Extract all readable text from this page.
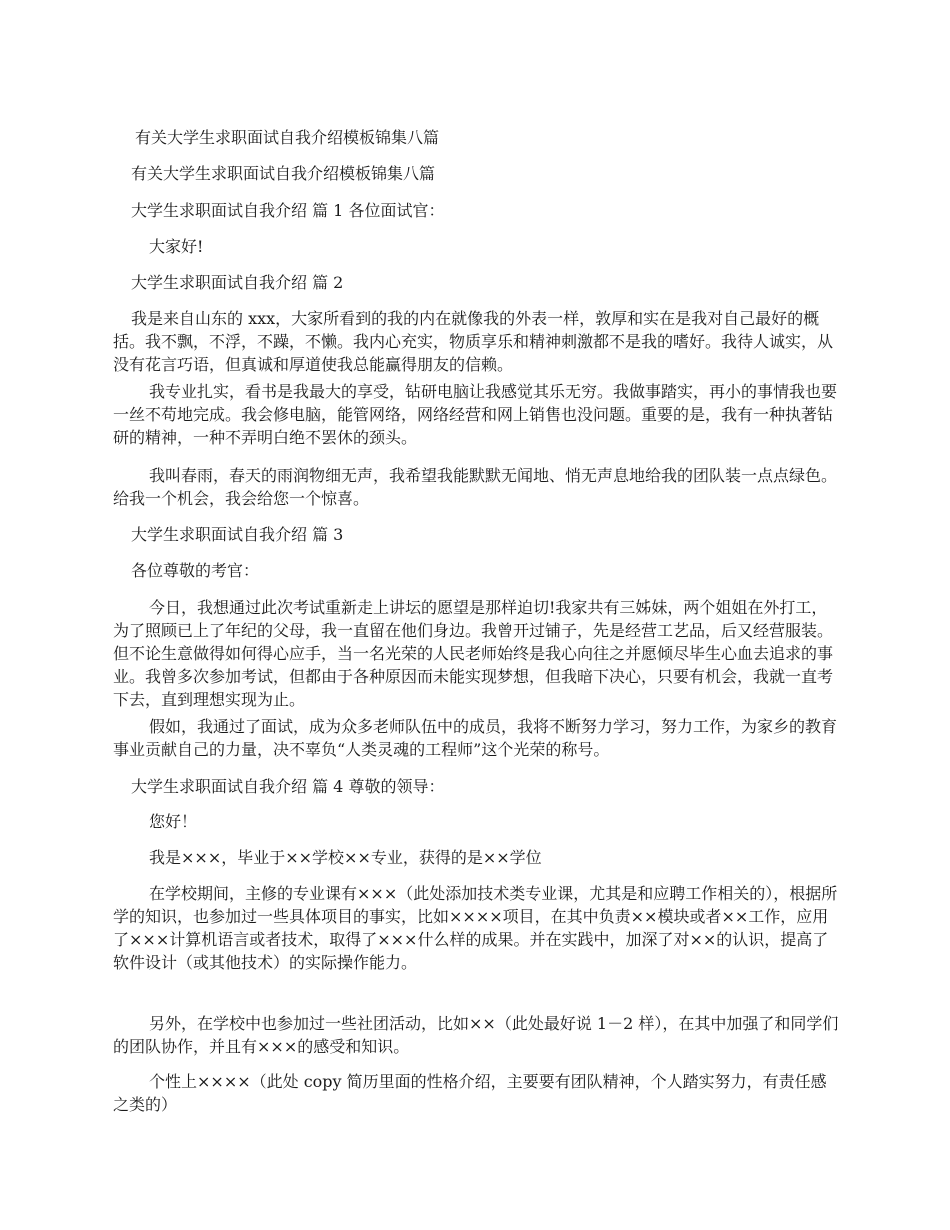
有关大学生求职面试自我介绍模板锦集八篇
有关大学生求职面试自我介绍模板锦集八篇
大学生求职面试自我介绍 篇 1 各位面试官：
大家好!
大学生求职面试自我介绍 篇 2
我是来自山东的 xxx，大家所看到的我的内在就像我的外表一样，敦厚和实在是我对自己最好的概括。我不飘，不浮，不躁，不懒。我内心充实，物质享乐和精神刺激都不是我的嗜好。我待人诚实，从没有花言巧语，但真诚和厚道使我总能赢得朋友的信赖。
我专业扎实，看书是我最大的享受，钻研电脑让我感觉其乐无穷。我做事踏实，再小的事情我也要一丝不苟地完成。我会修电脑，能管网络，网络经营和网上销售也没问题。重要的是，我有一种执著钻研的精神，一种不弄明白绝不罢休的颈头。
我叫春雨，春天的雨润物细无声，我希望我能默默无闻地、悄无声息地给我的团队装一点点绿色。给我一个机会，我会给您一个惊喜。
大学生求职面试自我介绍 篇 3
各位尊敬的考官：
今日，我想通过此次考试重新走上讲坛的愿望是那样迫切!我家共有三姊妹，两个姐姐在外打工，为了照顾已上了年纪的父母，我一直留在他们身边。我曾开过铺子，先是经营工艺品，后又经营服装。但不论生意做得如何得心应手，当一名光荣的人民老师始终是我心向往之并愿倾尽毕生心血去追求的事业。我曾多次参加考试，但都由于各种原因而未能实现梦想，但我暗下决心，只要有机会，我就一直考下去，直到理想实现为止。
假如，我通过了面试，成为众多老师队伍中的成员，我将不断努力学习，努力工作，为家乡的教育事业贡献自己的力量，决不辜负“人类灵魂的工程师”这个光荣的称号。
大学生求职面试自我介绍 篇 4 尊敬的领导：
您好！
我是×××，毕业于××学校××专业，获得的是××学位
在学校期间，主修的专业课有×××（此处添加技术类专业课，尤其是和应聘工作相关的），根据所学的知识，也参加过一些具体项目的事实，比如××××项目，在其中负责××模块或者××工作，应用了×××计算机语言或者技术，取得了×××什么样的成果。并在实践中，加深了对××的认识，提高了软件设计（或其他技术）的实际操作能力。
另外，在学校中也参加过一些社团活动，比如××（此处最好说 1－2 样），在其中加强了和同学们的团队协作，并且有×××的感受和知识。
个性上××××（此处 copy 简历里面的性格介绍，主要要有团队精神，个人踏实努力，有责任感之类的）
